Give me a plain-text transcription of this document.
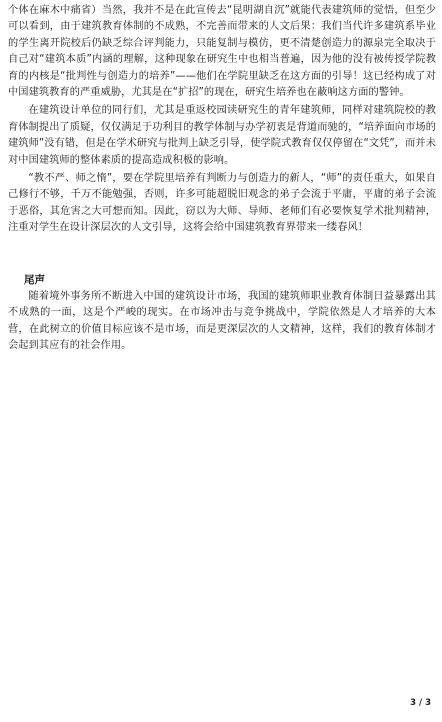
个体在麻木中痛省）当然，我并不是在此宣传去“昆明湖自沉”就能代表建筑师的觉悟，但至少可以看到，由于建筑教育体制的不成熟，不完善而带来的人文后果：我们当代许多建筑系毕业的学生离开院校后仍缺乏综合评判能力，只能复制与模仿，更不清楚创造力的源泉完全取决于自己对“建筑本质”内涵的理解，这种现象在研究生中也相当普遍，因为他的没有被传授学院教育的内核是“批判性与创造力的培养”——他们在学院里缺乏在这方面的引导！这已经构成了对中国建筑教育的严重威胁，尤其是在“扩招”的现在，研究生培养也在蔽响这方面的警钟。

在建筑设计单位的同行们，尤其是重返校园读研究生的青年建筑师，同样对建筑院校的教育体制提出了质疑，仅仅满足于功利目的教学体制与办学初衷是背道而驰的，“培养面向市场的建筑师”没有错，但是在学术研究与批判上缺乏引导，使学院式教育仅仅停留在“文凭”，而并未对中国建筑师的整体素质的提高造成积极的影响。

“教不严、师之惰”，要在学院里培养有判断力与创造力的新人，“师”的责任重大，如果自己修行不够，千万不能勉强，否则，许多可能超脱旧观念的弟子会流于平庸，平庸的弟子会流于恶俗，其危害之大可想而知。因此，窃以为大师、导师、老师们有必要恢复学术批判精神，注重对学生在设计深层次的人文引导，这将会给中国建筑教育界带来一缕春风！

尾声

随着境外事务所不断进入中国的建筑设计市场，我国的建筑师职业教育体制日益暴露出其不成熟的一面，这是个严峻的现实。在市场冲击与竞争挑战中，学院依然是人才培养的大本营，在此树立的价值目标应该不是市场，而是更深层次的人文精神，这样，我们的教育体制才会起到其应有的社会作用。

3 / 3
